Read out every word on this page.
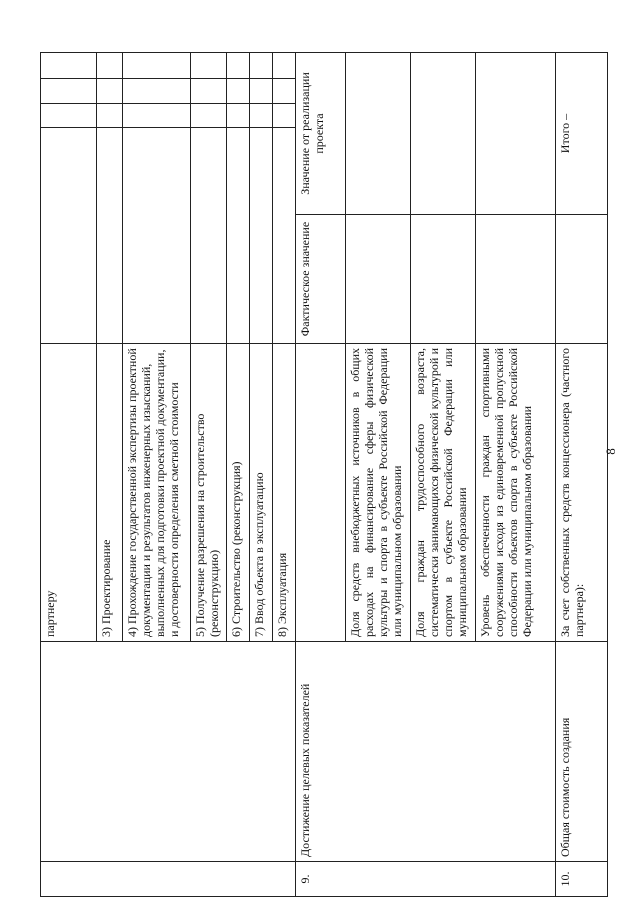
8
		партнеру					
		3) Проектирование					
		4) Прохождение государственной экспертизы проектной документации и результатов инженерных изысканий, выполненных для подготовки проектной документации, и достоверности определения сметной стоимости					
		5) Получение разрешения на строительство (реконструкцию)					
		6) Строительство (реконструкция)					
		7) Ввод объекта в эксплуатацию					
		8) Эксплуатация					
9.	Достижение целевых показателей		Фактическое значение	Значение от реализации проекта			
		Доля средств внебюджетных источников в общих расходах на финансирование сферы физической культуры и спорта в субъекте Российской Федерации или муниципальном образовании					
		Доля граждан трудоспособного возраста, систематически занимающихся физической культурой и спортом в субъекте Российской Федерации или муниципальном образовании					
		Уровень обеспеченности граждан спортивными сооружениями исходя из единовременной пропускной способности объектов спорта в субъекте Российской Федерации или муниципальном образовании					
10.	Общая стоимость создания	За счет собственных средств концессионера (частного партнера):		Итого –			
